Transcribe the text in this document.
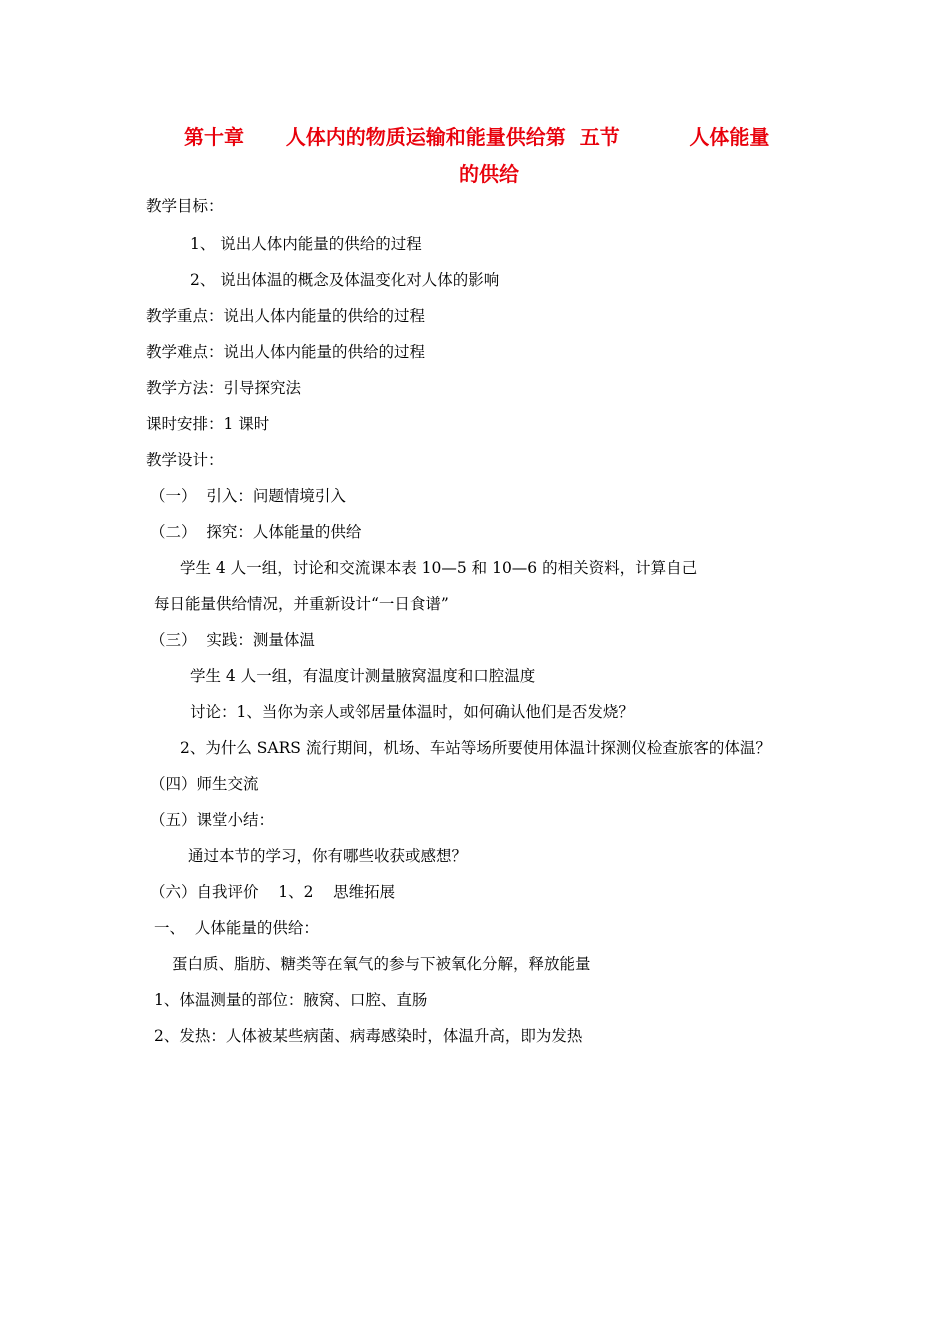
第十章      人体内的物质运输和能量供给第  五节          人体能量
的供给
教学目标：
1、 说出人体内能量的供给的过程
2、 说出体温的概念及体温变化对人体的影响
教学重点：说出人体内能量的供给的过程
教学难点：说出人体内能量的供给的过程
教学方法：引导探究法
课时安排：1 课时
教学设计：
（一）  引入：问题情境引入
（二）  探究：人体能量的供给
学生 4 人一组，讨论和交流课本表 10—5 和 10—6 的相关资料，计算自己
每日能量供给情况，并重新设计“一日食谱”
（三）  实践：测量体温
学生 4 人一组，有温度计测量腋窝温度和口腔温度
讨论：1、当你为亲人或邻居量体温时，如何确认他们是否发烧？
2、为什么 SARS 流行期间，机场、车站等场所要使用体温计探测仪检查旅客的体温？
（四）师生交流
（五）课堂小结：
通过本节的学习，你有哪些收获或感想？
（六）自我评价    1、2    思维拓展
一、  人体能量的供给：
蛋白质、脂肪、糖类等在氧气的参与下被氧化分解，释放能量
1、体温测量的部位：腋窝、口腔、直肠
2、发热：人体被某些病菌、病毒感染时，体温升高，即为发热
